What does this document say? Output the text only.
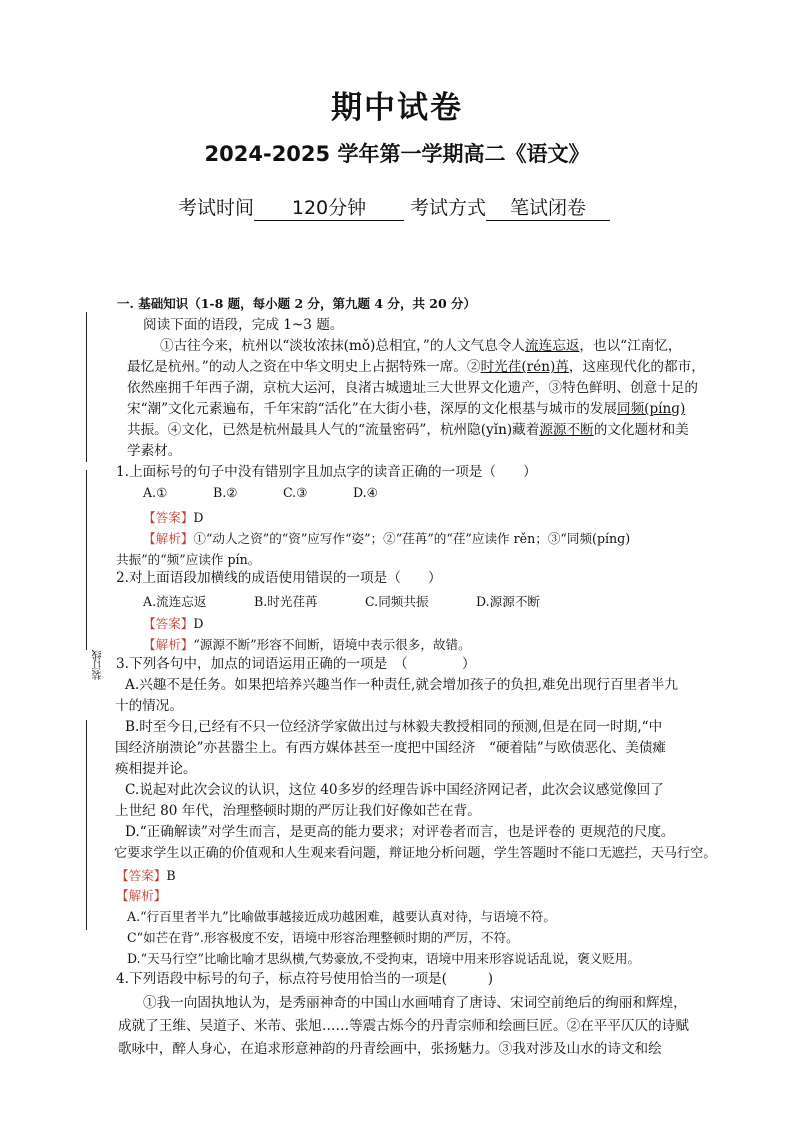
期中试卷
2024-2025 学年第一学期高二《语文》
考试时间 120分钟 考试方式 笔试闭卷
装订线
一. 基础知识（1-8 题，每小题 2 分，第九题 4 分，共 20 分）
阅读下面的语段，完成 1~3 题。
①古往今来，杭州以“淡妆浓抹(mǒ)总相宜，”的人文气息令人流连忘返，也以“江南忆，
最忆是杭州。”的动人之资在中华文明史上占据特殊一席。②时光荏(rén)苒，这座现代化的都市，
依然座拥千年西子湖，京杭大运河，良渚古城遗址三大世界文化遗产，③特色鲜明、创意十足的
宋“潮”文化元素遍布，千年宋韵“活化”在大街小巷，深厚的文化根基与城市的发展同频(pínɡ)
共振。④文化，已然是杭州最具人气的“流量密码”，杭州隐(yǐn)藏着源源不断的文化题材和美
学素材。
1.上面标号的句子中没有错别字且加点字的读音正确的一项是（　　）
A.①	B.②	C.③	D.④
【答案】D
【解析】①“动人之资”的“资”应写作“姿”；②“荏苒”的“荏”应读作 rěn；③“同频(pínɡ)
共振”的“频”应读作 pín。
2.对上面语段加横线的成语使用错误的一项是（　　）
A.流连忘返	B.时光荏苒	C.同频共振	D.源源不断
【答案】D
【解析】“源源不断”形容不间断，语境中表示很多，故错。
3.下列各句中，加点的词语运用正确的一项是　（　　　　）
A.兴趣不是任务。如果把培养兴趣当作一种责任,就会增加孩子的负担,难免出现行百里者半九
十的情况。
B.时至今日,已经有不只一位经济学家做出过与林毅夫教授相同的预测,但是在同一时期,“中
国经济崩溃论”亦甚嚣尘上。有西方媒体甚至一度把中国经济　“硬着陆”与欧债恶化、美债瘫
痪相提并论。
C.说起对此次会议的认识，这位 40多岁的经理告诉中国经济网记者，此次会议感觉像回了
上世纪 80 年代，治理整顿时期的严厉让我们好像如芒在背。
D.“正确解读”对学生而言，是更高的能力要求；对评卷者而言，也是评卷的 更规范的尺度。
它要求学生以正确的价值观和人生观来看问题，辩证地分析问题，学生答题时不能口无遮拦，天马行空。
【答案】B
【解析】
A.“行百里者半九”比喻做事越接近成功越困难，越要认真对待，与语境不符。
C“如芒在背”.形容极度不安，语境中形容治理整顿时期的严厉，不符。
D.“天马行空”比喻比喻才思纵横,气势豪放,不受拘束，语境中用来形容说话乱说，褒义贬用。
4.下列语段中标号的句子，标点符号使用恰当的一项是(　　　)
①我一向固执地认为，是秀丽神奇的中国山水画哺育了唐诗、宋词空前绝后的绚丽和辉煌，
成就了王维、吴道子、米芾、张旭……等震古烁今的丹青宗师和绘画巨匠。②在平平仄仄的诗赋
歌咏中，醉人身心，在追求形意神韵的丹青绘画中，张扬魅力。③我对涉及山水的诗文和绘
